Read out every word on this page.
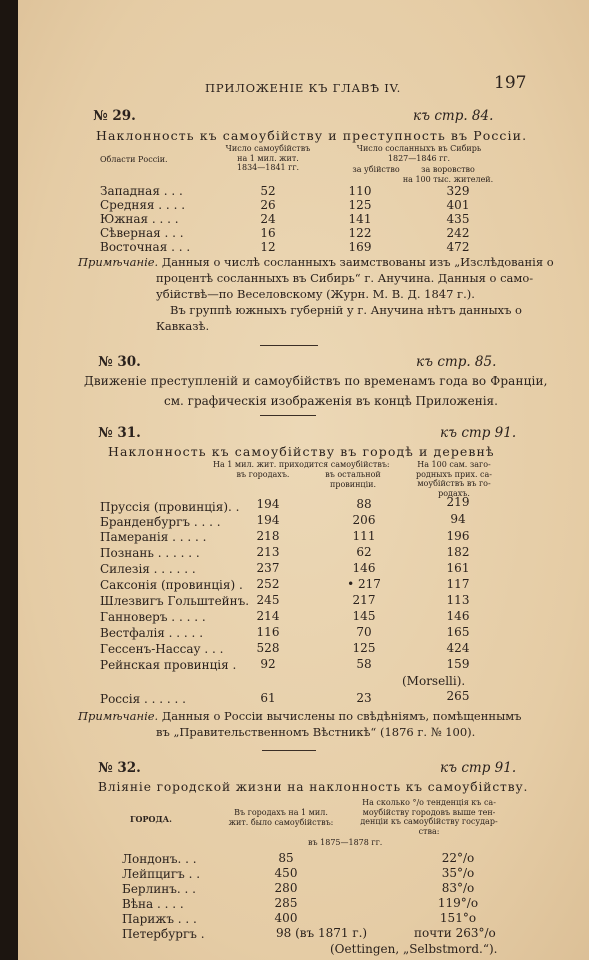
ПРИЛОЖЕНІЕ КЪ ГЛАВѢ IV.	197
№ 29.	къ стр. 84.
Наклонность къ самоубійству и преступность въ Россіи.
Области Россіи.
Число самоубійствъ
на 1 мил. жит.
1834—1841 гг.
Число сосланныхъ въ Сибирь
1827—1846 гг.
за убійство	за воровство
на 100 тыс. жителей.
Западная . . .	52	110	329
Средняя . . . .	26	125	401
Южная . . . .	24	141	435
Сѣверная . . .	16	122	242
Восточная . . .	12	169	472
Примѣчаніе. Данныя о числѣ сосланныхъ заимствованы изъ „Изслѣдованія о
процентѣ сосланныхъ въ Сибирь“ г. Анучина. Данныя о само-
убійствѣ—по Веселовскому (Журн. М. В. Д. 1847 г.).
Въ группѣ южныхъ губерній у г. Анучина нѣтъ данныхъ о
Кавказѣ.
№ 30.	къ стр. 85.
Движеніе преступленій и самоубійствъ по временамъ года во Франціи,
см. графическія изображенія въ концѣ Приложенія.
№ 31.	къ стр 91.
Наклонность къ самоубійству въ городѣ и деревнѣ
На 1 мил. жит. приходится самоубійствъ:
въ городахъ.	въ остальной
провинціи.
На 100 сам. заго-
родныхъ прих. са-
моубійствъ въ го-
родахъ.
Пруссія (провинція). .	194	88	219
Бранденбургъ . . . .	194	206	94
Памеранія . . . . .	218	111	196
Познань . . . . . .	213	62	182
Силезія . . . . . .	237	146	161
Саксонія (провинція) .	252	• 217	117
Шлезвигъ Гольштейнъ. 245	217	113
Ганноверъ . . . . .	214	145	146
Вестфалія . . . . .	116	70	165
Гессенъ-Нассау . . .	528	125	424
Рейнская провинція .	92	58	159
(Morselli).
Россія . . . . . .	61	23	265
Примѣчаніе. Данныя о Россіи вычислены по свѣдѣніямъ, помѣщеннымъ
въ „Правительственномъ Вѣстникѣ“ (1876 г. № 100).
№ 32.	къ стр 91.
Вліяніе городской жизни на наклонность къ самоубійству.
ГОРОДА.
Въ городахъ на 1 мил.
жит. было самоубійствъ:
На сколько °/о тенденція къ са-
моубійству городовъ выше тен-
денціи къ самоубійству государ-
ства:
въ 1875—1878 гг.
Лондонъ. . .	85	22°/о
Лейпцигъ . .	450	35°/о
Берлинъ. . .	280	83°/о
Вѣна . . . .	285	119°/о
Парижъ . . .	400	151°о
Петербургъ .	98 (въ 1871 г.)	почти 263°/о
(Oettingen, „Selbstmord.“).
